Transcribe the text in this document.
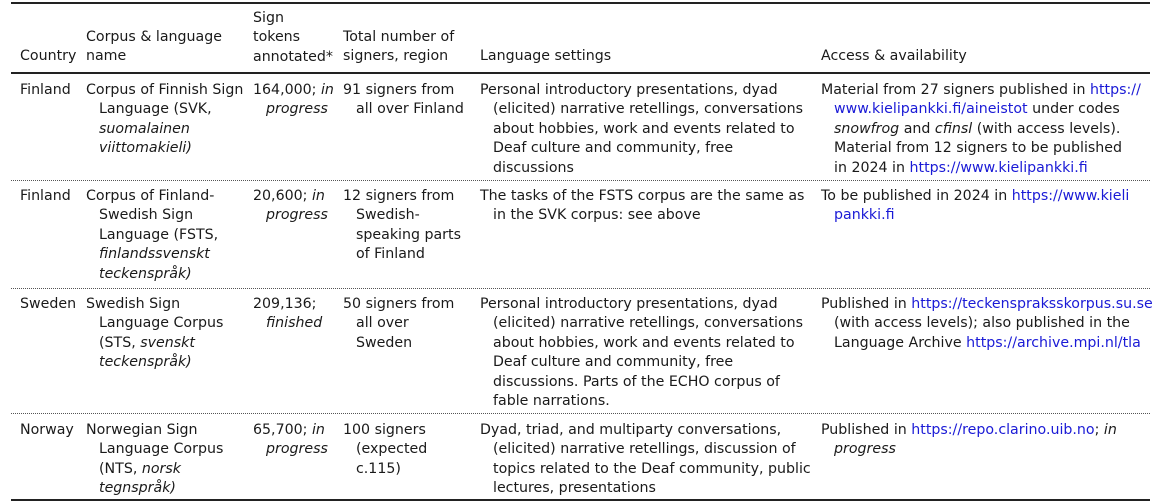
Country
Corpus & language
name
Sign
tokens
annotated*
Total number of
signers, region	Language settings	Access & availability
Finland Corpus of Finnish Sign
Language (SVK,
suomalainen
viittomakieli)
164,000; in
progress
91 signers from
all over Finland
Personal introductory presentations, dyad
(elicited) narrative retellings, conversations
about hobbies, work and events related to
Deaf culture and community, free
discussions
Material from 27 signers published in https://
www.kielipankki.fi/aineistot under codes
snowfrog and cfinsl (with access levels).
Material from 12 signers to be published
in 2024 in https://www.kielipankki.fi
Finland Corpus of Finland-
Swedish Sign
Language (FSTS,
finlandssvenskt
teckenspråk)
20,600; in
progress
12 signers from
Swedish-
speaking parts
of Finland
The tasks of the FSTS corpus are the same as
in the SVK corpus: see above
To be published in 2024 in https://www.kieli
pankki.fi
Sweden Swedish Sign
Language Corpus
(STS, svenskt
teckenspråk)
209,136;
finished
50 signers from
all over
Sweden
Personal introductory presentations, dyad
(elicited) narrative retellings, conversations
about hobbies, work and events related to
Deaf culture and community, free
discussions. Parts of the ECHO corpus of
fable narrations.
Published in https://teckenspraksskorpus.su.se
(with access levels); also published in the
Language Archive https://archive.mpi.nl/tla
Norway Norwegian Sign
Language Corpus
(NTS, norsk
tegnspråk)
65,700; in
progress
100 signers
(expected
c.115)
Dyad, triad, and multiparty conversations,
(elicited) narrative retellings, discussion of
topics related to the Deaf community, public
lectures, presentations
Published in https://repo.clarino.uib.no; in
progress
